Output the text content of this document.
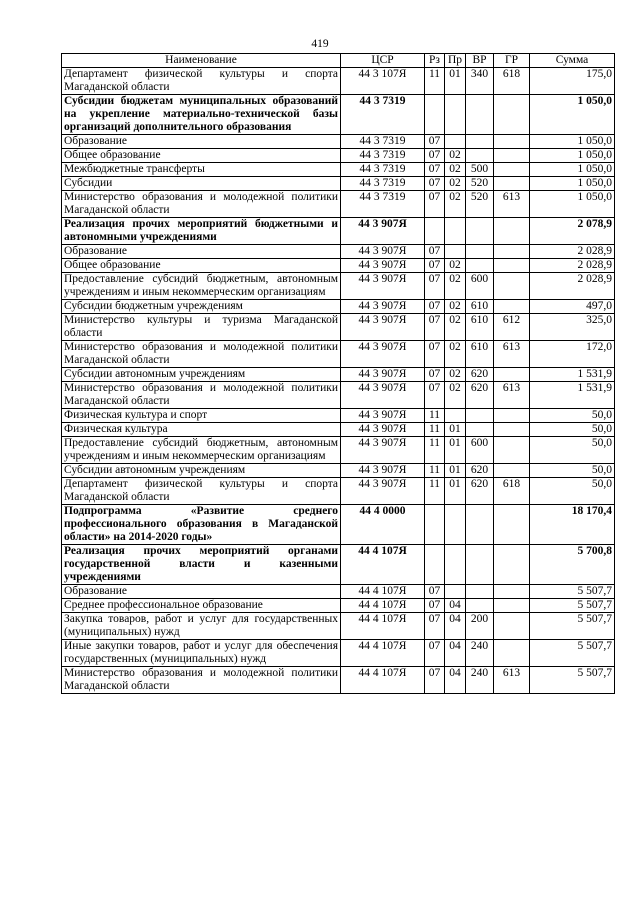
419
Наименование	ЦСР	Рз	Пр	ВР	ГР	Сумма
Департамент физической культуры и спорта Магаданской области	44 3 107Я	11	01	340	618	175,0
Субсидии бюджетам муниципальных образований на укрепление материально-технической базы организаций дополнительного образования	44 3 7319					1 050,0
Образование	44 3 7319	07				1 050,0
Общее образование	44 3 7319	07	02			1 050,0
Межбюджетные трансферты	44 3 7319	07	02	500		1 050,0
Субсидии	44 3 7319	07	02	520		1 050,0
Министерство образования и молодежной политики Магаданской области	44 3 7319	07	02	520	613	1 050,0
Реализация прочих мероприятий бюджетными и автономными учреждениями	44 3 907Я					2 078,9
Образование	44 3 907Я	07				2 028,9
Общее образование	44 3 907Я	07	02			2 028,9
Предоставление субсидий бюджетным, автономным учреждениям и иным некоммерческим организациям	44 3 907Я	07	02	600		2 028,9
Субсидии бюджетным учреждениям	44 3 907Я	07	02	610		497,0
Министерство культуры и туризма Магаданской области	44 3 907Я	07	02	610	612	325,0
Министерство образования и молодежной политики Магаданской области	44 3 907Я	07	02	610	613	172,0
Субсидии автономным учреждениям	44 3 907Я	07	02	620		1 531,9
Министерство образования и молодежной политики Магаданской области	44 3 907Я	07	02	620	613	1 531,9
Физическая культура и спорт	44 3 907Я	11				50,0
Физическая культура	44 3 907Я	11	01			50,0
Предоставление субсидий бюджетным, автономным учреждениям и иным некоммерческим организациям	44 3 907Я	11	01	600		50,0
Субсидии автономным учреждениям	44 3 907Я	11	01	620		50,0
Департамент физической культуры и спорта Магаданской области	44 3 907Я	11	01	620	618	50,0
Подпрограмма «Развитие среднего профессионального образования в Магаданской области» на 2014-2020 годы»	44 4 0000					18 170,4
Реализация прочих мероприятий органами государственной власти и казенными учреждениями	44 4 107Я					5 700,8
Образование	44 4 107Я	07				5 507,7
Среднее профессиональное образование	44 4 107Я	07	04			5 507,7
Закупка товаров, работ и услуг для государственных (муниципальных) нужд	44 4 107Я	07	04	200		5 507,7
Иные закупки товаров, работ и услуг для обеспечения государственных (муниципальных) нужд	44 4 107Я	07	04	240		5 507,7
Министерство образования и молодежной политики Магаданской области	44 4 107Я	07	04	240	613	5 507,7
